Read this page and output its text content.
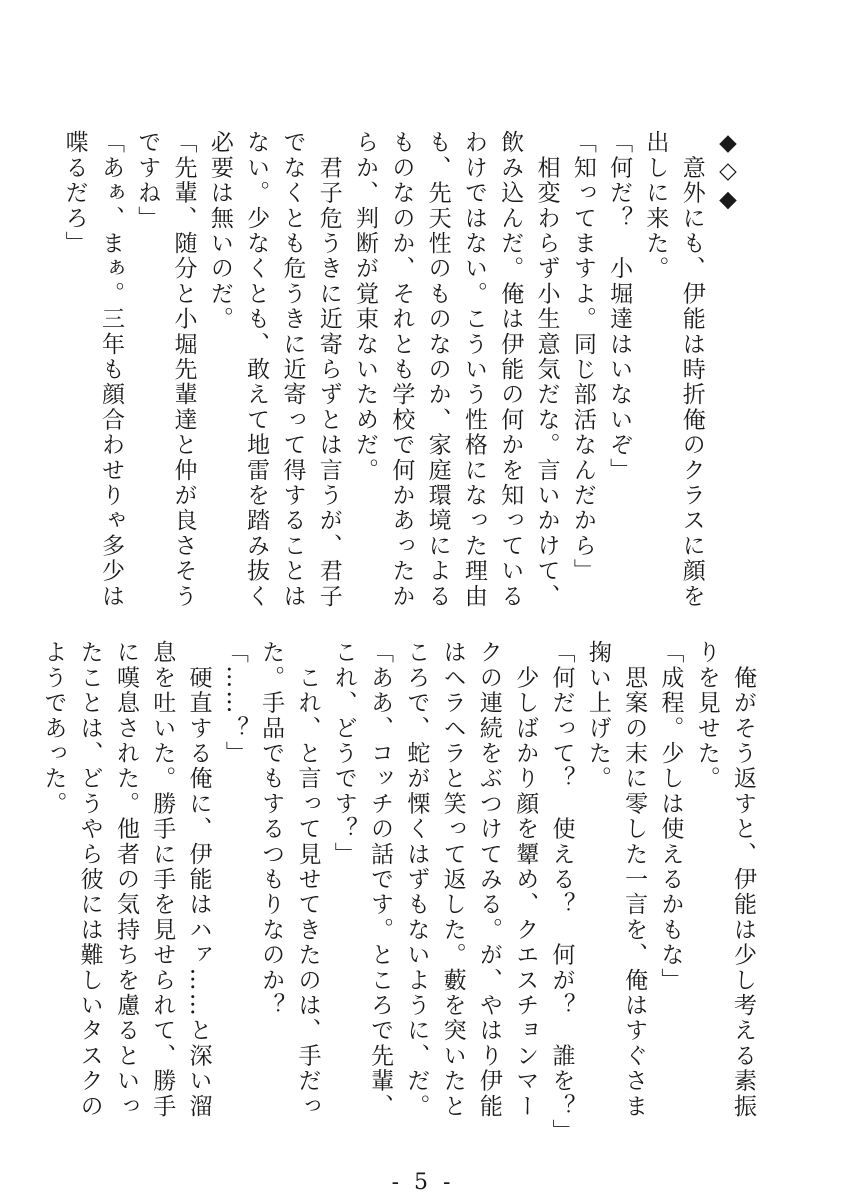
◆◇◆
　意外にも、伊能は時折俺のクラスに顔を
出しに来た。
「何だ？　小堀達はいないぞ」
「知ってますよ。同じ部活なんだから」
　相変わらず小生意気だな。言いかけて、
飲み込んだ。俺は伊能の何かを知っている
わけではない。こういう性格になった理由
も、先天性のものなのか、家庭環境による
ものなのか、それとも学校で何かあったか
らか、判断が覚束ないためだ。
　君子危うきに近寄らずとは言うが、君子
でなくとも危うきに近寄って得することは
ない。少なくとも、敢えて地雷を踏み抜く
必要は無いのだ。
「先輩、随分と小堀先輩達と仲が良さそう
ですね」
「あぁ、まぁ。三年も顔合わせりゃ多少は
喋るだろ」
　俺がそう返すと、伊能は少し考える素振
りを見せた。
「成程。少しは使えるかもな」
　思案の末に零した一言を、俺はすぐさま
掬い上げた。
「何だって？　使える？　何が？　誰を？」
　少しばかり顔を顰め、クエスチョンマー
クの連続をぶつけてみる。が、やはり伊能
はヘラヘラと笑って返した。藪を突いたと
ころで、蛇が慄くはずもないように、だ。
「ああ、コッチの話です。ところで先輩、
これ、どうです？」
　これ、と言って見せてきたのは、手だっ
た。手品でもするつもりなのか？
「……？」
　硬直する俺に、伊能はハァ……と深い溜
息を吐いた。勝手に手を見せられて、勝手
に嘆息された。他者の気持ちを慮るといっ
たことは、どうやら彼には難しいタスクの
ようであった。
- 5 -
